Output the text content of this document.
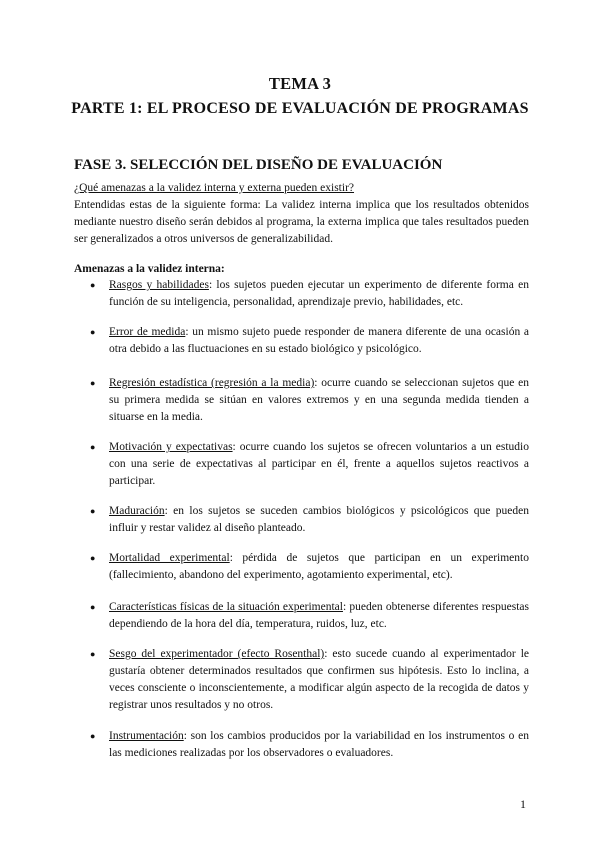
TEMA 3
PARTE 1: EL PROCESO DE EVALUACIÓN DE PROGRAMAS
FASE 3. SELECCIÓN DEL DISEÑO DE EVALUACIÓN
¿Qué amenazas a la validez interna y externa pueden existir?
Entendidas estas de la siguiente forma: La validez interna implica que los resultados obtenidos mediante nuestro diseño serán debidos al programa, la externa implica que tales resultados pueden ser generalizados a otros universos de generalizabilidad.
Amenazas a la validez interna:
● Rasgos y habilidades: los sujetos pueden ejecutar un experimento de diferente forma en función de su inteligencia, personalidad, aprendizaje previo, habilidades, etc.
● Error de medida: un mismo sujeto puede responder de manera diferente de una ocasión a otra debido a las fluctuaciones en su estado biológico y psicológico.
● Regresión estadística (regresión a la media): ocurre cuando se seleccionan sujetos que en su primera medida se sitúan en valores extremos y en una segunda medida tienden a situarse en la media.
● Motivación y expectativas: ocurre cuando los sujetos se ofrecen voluntarios a un estudio con una serie de expectativas al participar en él, frente a aquellos sujetos reactivos a participar.
● Maduración: en los sujetos se suceden cambios biológicos y psicológicos que pueden influir y restar validez al diseño planteado.
● Mortalidad experimental: pérdida de sujetos que participan en un experimento (fallecimiento, abandono del experimento, agotamiento experimental, etc).
● Características físicas de la situación experimental: pueden obtenerse diferentes respuestas dependiendo de la hora del día, temperatura, ruidos, luz, etc.
● Sesgo del experimentador (efecto Rosenthal): esto sucede cuando al experimentador le gustaría obtener determinados resultados que confirmen sus hipótesis. Esto lo inclina, a veces consciente o inconscientemente, a modificar algún aspecto de la recogida de datos y registrar unos resultados y no otros.
● Instrumentación: son los cambios producidos por la variabilidad en los instrumentos o en las mediciones realizadas por los observadores o evaluadores.
1
